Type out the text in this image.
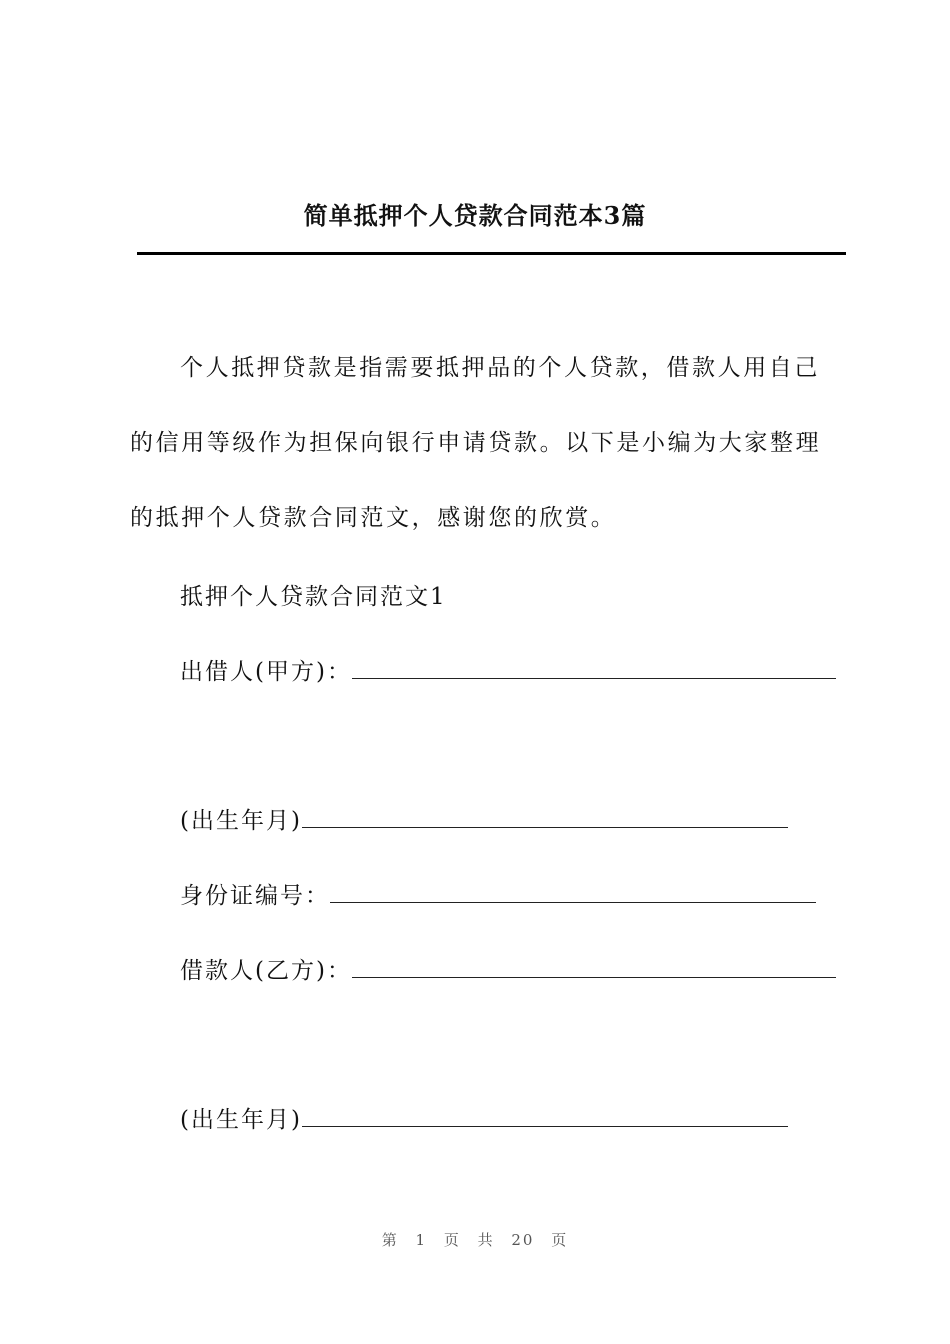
简单抵押个人贷款合同范本3篇
个人抵押贷款是指需要抵押品的个人贷款，借款人用自己的信用等级作为担保向银行申请贷款。以下是小编为大家整理的抵押个人贷款合同范文，感谢您的欣赏。
抵押个人贷款合同范文1
出借人(甲方)：
(出生年月)
身份证编号：
借款人(乙方)：
(出生年月)
第 1 页 共 20 页
